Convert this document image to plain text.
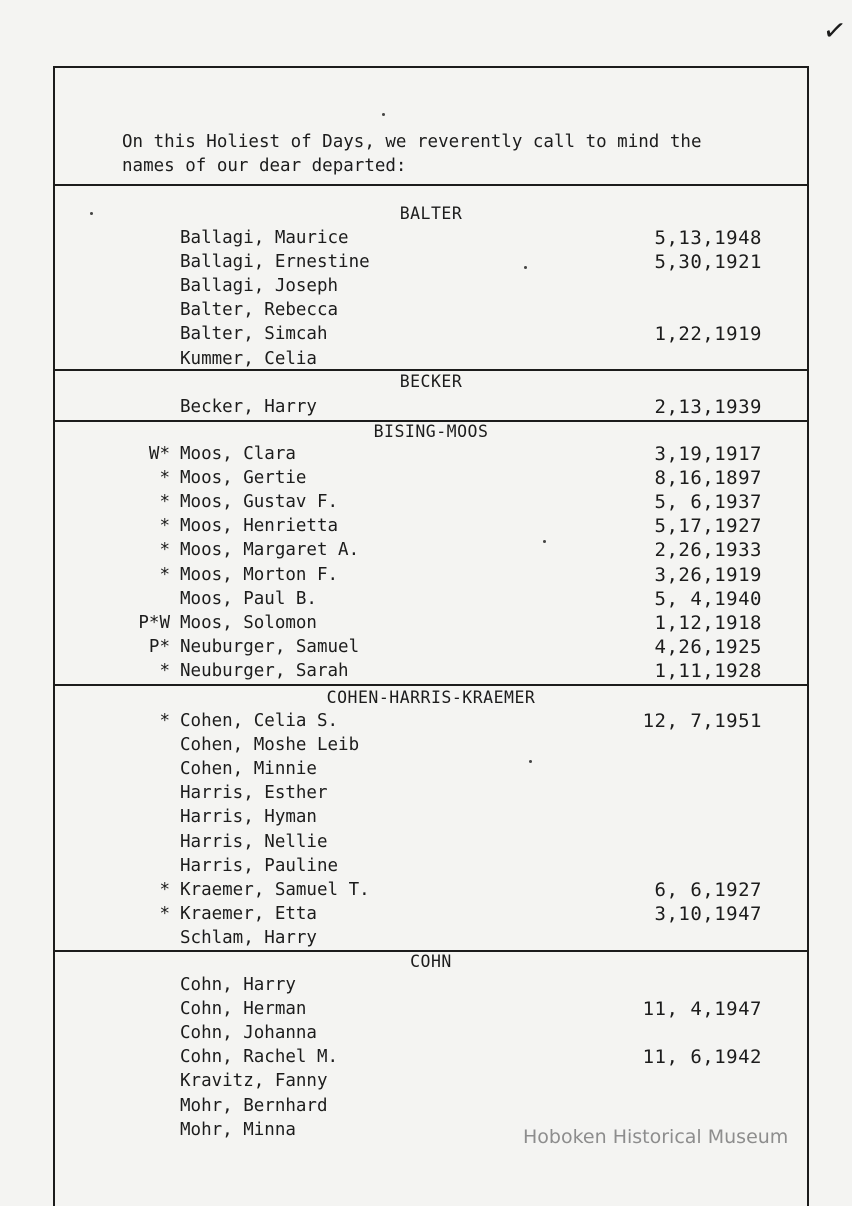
✓
On this Holiest of Days, we reverently call to mind the
names of our dear departed:
BALTER
Ballagi, Maurice	5,13,1948
Ballagi, Ernestine	5,30,1921
Ballagi, Joseph
Balter, Rebecca
Balter, Simcah	1,22,1919
Kummer, Celia
BECKER
Becker, Harry	2,13,1939
BISING-MOOS
W* Moos, Clara	3,19,1917
* Moos, Gertie	8,16,1897
* Moos, Gustav F.	5, 6,1937
* Moos, Henrietta	5,17,1927
* Moos, Margaret A.	2,26,1933
* Moos, Morton F.	3,26,1919
Moos, Paul B.	5, 4,1940
P*W Moos, Solomon	1,12,1918
P* Neuburger, Samuel	4,26,1925
* Neuburger, Sarah	1,11,1928
COHEN-HARRIS-KRAEMER
* Cohen, Celia S.	12, 7,1951
Cohen, Moshe Leib
Cohen, Minnie
Harris, Esther
Harris, Hyman
Harris, Nellie
Harris, Pauline
* Kraemer, Samuel T.	6, 6,1927
* Kraemer, Etta	3,10,1947
Schlam, Harry
COHN
Cohn, Harry
Cohn, Herman	11, 4,1947
Cohn, Johanna
Cohn, Rachel M.	11, 6,1942
Kravitz, Fanny
Mohr, Bernhard
Mohr, Minna	Hoboken Historical Museum
